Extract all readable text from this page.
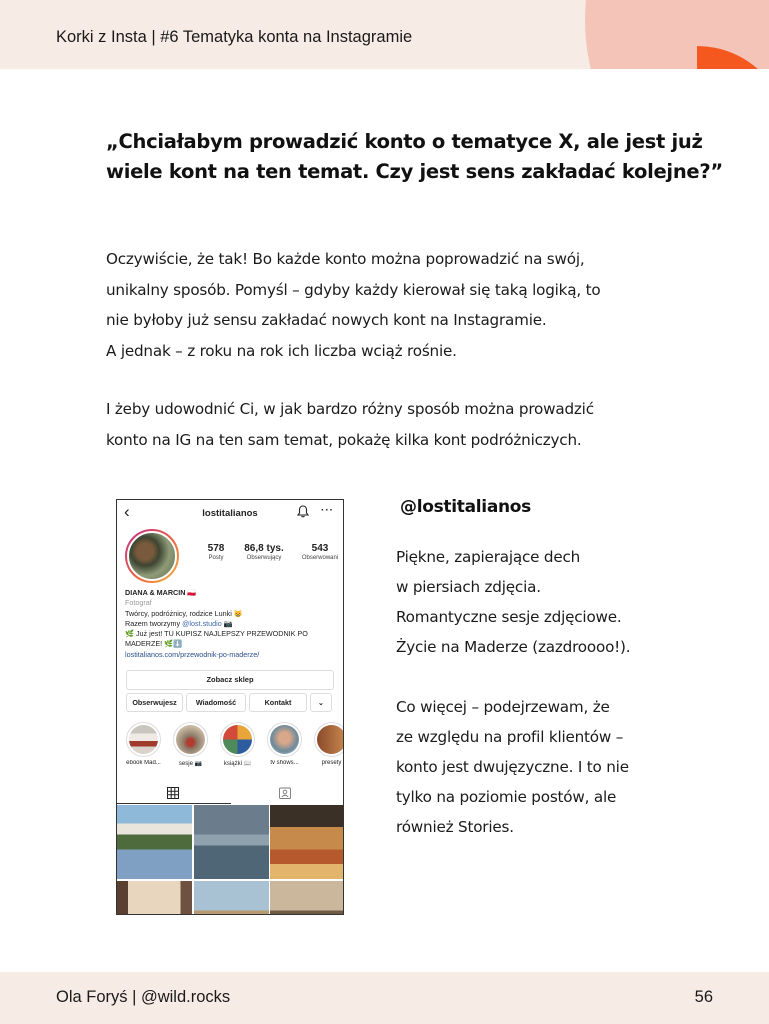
Korki z Insta | #6 Tematyka konta na Instagramie
„Chciałabym prowadzić konto o tematyce X, ale jest już wiele kont na ten temat. Czy jest sens zakładać kolejne?”
Oczywiście, że tak! Bo każde konto można poprowadzić na swój,
unikalny sposób. Pomyśl – gdyby każdy kierował się taką logiką, to
nie byłoby już sensu zakładać nowych kont na Instagramie.
A jednak – z roku na rok ich liczba wciąż rośnie.
I żeby udowodnić Ci, w jak bardzo różny sposób można prowadzić
konto na IG na ten sam temat, pokażę kilka kont podróżniczych.
‹	lostitalianos	···
578
Posty
86,8 tys.
Obserwujący
543
Obserwowani
DIANA & MARCIN 🇵🇱
Fotograf
Twórcy, podróżnicy, rodzice Lunki 😸
Razem tworzymy @lost.studio 📷
🌿 Już jest! TU KUPISZ NAJLEPSZY PRZEWODNIK PO MADERZE! 🌿⬇️
lostitalianos.com/przewodnik-po-maderze/
Zobacz sklep
Obserwujesz	Wiadomość	Kontakt	⌄
ebook Mad...	sesje 📷	książki 📖	tv shows...	presety
@lostitalianos
Piękne, zapierające dech
w piersiach zdjęcia.
Romantyczne sesje zdjęciowe.
Życie na Maderze (zazdroooo!).
Co więcej – podejrzewam, że
ze względu na profil klientów –
konto jest dwujęzyczne. I to nie
tylko na poziomie postów, ale
również Stories.
Ola Foryś | @wild.rocks	56
